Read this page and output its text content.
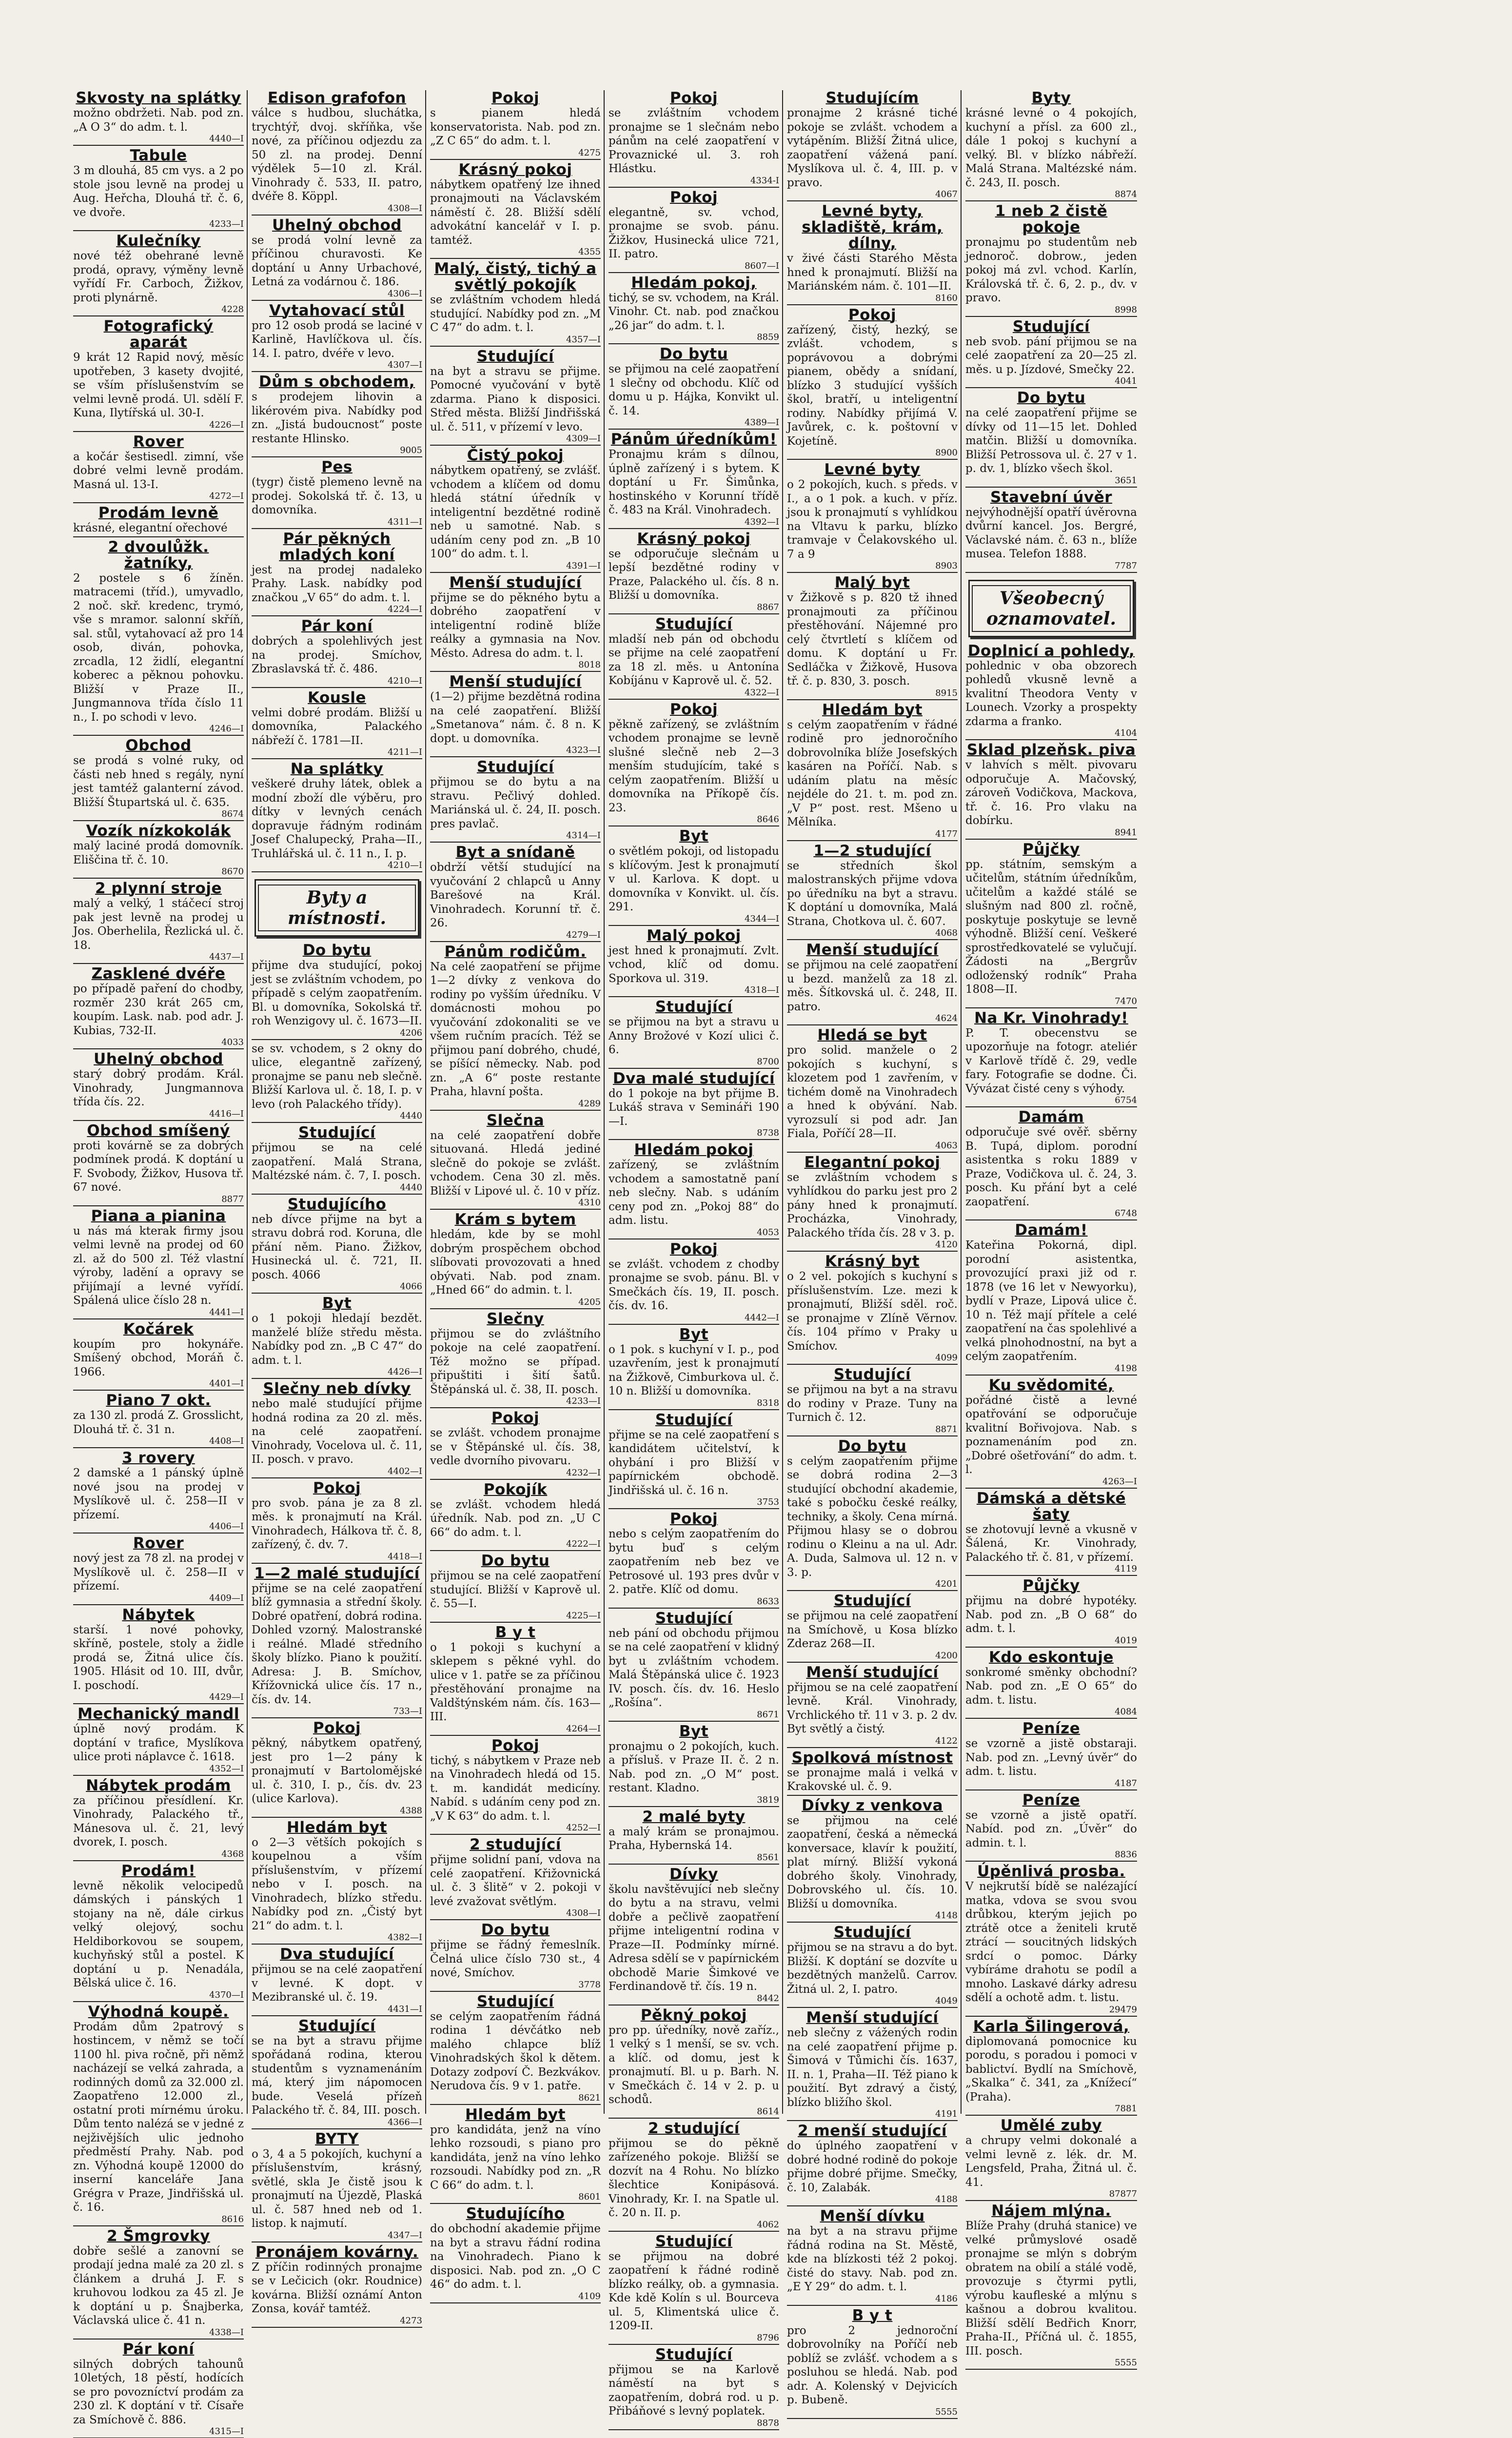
Skvosty na splátky
možno obdržeti. Nab. pod zn. „A O 3“ do adm. t. l.
4440—I
Tabule
3 m dlouhá, 85 cm vys. a 2 po stole jsou levně na prodej u Aug. Heřcha, Dlouhá tř. č. 6, ve dvoře.
4233—I
Kulečníky
nové též obehrané levně prodá, opravy, výměny levně vyřídí Fr. Carboch, Žižkov, proti plynárně.
4228
Fotografický aparát
9 krát 12 Rapid nový, měsíc upotřeben, 3 kasety dvojité, se vším příslušenstvím se velmi levně prodá. Ul. sdělí F. Kuna, Ilytířská ul. 30-I.
4226—I
Rover
a kočár šestisedl. zimní, vše dobré velmi levně prodám. Masná ul. 13-I.
4272—I
Prodám levně
krásné, elegantní ořechové
2 dvoulůžk. žatníky,
2 postele s 6 žíněn. matracemi (tříd.), umyvadlo, 2 noč. skř. kredenc, trymó, vše s mramor. salonní skříň, sal. stůl, vytahovací až pro 14 osob, diván, pohovka, zrcadla, 12 židlí, elegantní koberec a pěknou pohovku. Bližší v Praze II., Jungmannova třída číslo 11 n., I. po schodi v levo.
4246—I
Obchod
se prodá s volné ruky, od části neb hned s regály, nyní jest tamtéž galanterní závod. Bližší Štupartská ul. č. 635.
8674
Vozík nízkokolák
malý laciné prodá domovník. Eliščina tř. č. 10.
8670
2 plynní stroje
malý a velký, 1 stáčecí stroj pak jest levně na prodej u Jos. Oberhelila, Řezlická ul. č. 18.
4437—I
Zasklené dvéře
po případě paření do chodby, rozměr 230 krát 265 cm, koupím. Lask. nab. pod adr. J. Kubias, 732-II.
4033
Uhelný obchod
starý dobrý prodám. Král. Vinohrady, Jungmannova třída čís. 22.
4416—I
Obchod smíšený
proti kovárně se za dobrých podmínek prodá. K doptání u F. Svobody, Žižkov, Husova tř. 67 nové.
8877
Piana a pianina
u nás má kterak firmy jsou velmi levně na prodej od 60 zl. až do 500 zl. Též vlastní výroby, ladění a opravy se přijímají a levné vyřídí. Spálená ulice číslo 28 n.
4441—I
Kočárek
koupím pro hokynáře. Smíšený obchod, Moráň č. 1966.
4401—I
Piano 7 okt.
za 130 zl. prodá Z. Grosslicht, Dlouhá tř. č. 31 n.
4408—I
3 rovery
2 damské a 1 pánský úplně nové jsou na prodej v Myslíkově ul. č. 258—II v přízemí.
4406—I
Rover
nový jest za 78 zl. na prodej v Myslíkově ul. č. 258—II v přízemí.
4409—I
Nábytek
starší. 1 nové pohovky, skříně, postele, stoly a židle prodá se, Žitná ulice čís. 1905. Hlásit od 10. III, dvůr, I. poschodí.
4429—I
Mechanický mandl
úplně nový prodám. K doptání v trafice, Myslíkova ulice proti náplavce č. 1618.
4352—I
Nábytek prodám
za příčinou přesídlení. Kr. Vinohrady, Palackého tř., Mánesova ul. č. 21, levý dvorek, I. posch.
4368
Prodám!
levně několik velocipedů dámských i pánských 1 stojany na ně, dále cirkus velký olejový, sochu Heldiborkovou se soupem, kuchyňský stůl a postel. K doptání u p. Nenadála, Bělská ulice č. 16.
4370—I
Výhodná koupě.
Prodám dům 2patrový s hostincem, v němž se točí 1100 hl. piva ročně, při němž nacházejí se velká zahrada, a rodinných domů za 32.000 zl. Zaopatřeno 12.000 zl., ostatní proti mírnému úroku. Dům tento nalézá se v jedné z nejživějších ulic jednoho předměstí Prahy. Nab. pod zn. Výhodná koupě 12000 do inserní kanceláře Jana Grégra v Praze, Jindřišská ul. č. 16.
8616
2 Šmgrovky
dobře sešlé a zanovní se prodají jedna malé za 20 zl. s článkem a druhá J. F. s kruhovou lodkou za 45 zl. Je k doptání u p. Šnajberka, Václavská ulice č. 41 n.
4338—I
Pár koní
silných dobrých tahounů 10letých, 18 pěstí, hodících se pro povozníctví prodám za 230 zl. K doptání v tř. Císaře za Smíchově č. 886.
4315—I
Edison grafofon
válce s hudbou, sluchátka, trychtýř, dvoj. skříňka, vše nové, za příčinou odjezdu za 50 zl. na prodej. Denní výdělek 5—10 zl. Král. Vinohrady č. 533, II. patro, dvéře 8. Köppl.
4308—I
Uhelný obchod
se prodá volní levně za příčinou churavosti. Ke doptání u Anny Urbachové, Letná za vodárnou č. 186.
4306—I
Vytahovací stůl
pro 12 osob prodá se laciné v Karlině, Havlíčkova ul. čís. 14. I. patro, dvéře v levo.
4307—I
Dům s obchodem,
s prodejem lihovin a likérovém piva. Nabídky pod zn. „Jistá budoucnost“ poste restante Hlinsko.
9005
Pes
(tygr) čistě plemeno levně na prodej. Sokolská tř. č. 13, u domovníka.
4311—I
Pár pěkných mladých koní
jest na prodej nadaleko Prahy. Lask. nabídky pod značkou „V 65“ do adm. t. l.
4224—I
Pár koní
dobrých a spolehlivých jest na prodej. Smíchov, Zbraslavská tř. č. 486.
4210—I
Kousle
velmi dobré prodám. Bližší u domovníka, Palackého nábřeží č. 1781—II.
4211—I
Na splátky
veškeré druhy látek, oblek a modní zboží dle výběru, pro dítky v levných cenách dopravuje řádným rodinám Josef Chalupecký, Praha—II., Truhlářská ul. č. 11 n., I. p.
4210—I
Byty a místnosti.
Do bytu
přijme dva studující, pokoj jest se zvláštním vchodem, po případě s celým zaopatřením. Bl. u domovníka, Sokolská tř. roh Wenzigovy ul. č. 1673—II.
4206
se sv. vchodem, s 2 okny do ulice, elegantně zařízený, pronajme se panu neb slečně. Bližší Karlova ul. č. 18, I. p. v levo (roh Palackého třídy).
4440
Studující
přijmou se na celé zaopatření. Malá Strana, Maltézské nám. č. 7, I. posch.
4440
Studujícího
neb dívce přijme na byt a stravu dobrá rod. Koruna, dle přání něm. Piano. Žižkov, Husinecká ul. č. 721, II. posch. 4066
4066
Byt
o 1 pokoji hledají bezdět. manželé blíže středu města. Nabídky pod zn. „B C 47“ do adm. t. l.
4426—I
Slečny neb dívky
nebo malé studující přijme hodná rodina za 20 zl. měs. na celé zaopatření. Vinohrady, Vocelova ul. č. 11, II. posch. v pravo.
4402—I
Pokoj
pro svob. pána je za 8 zl. měs. k pronajmutí na Král. Vinohradech, Hálkova tř. č. 8, zařízený, č. dv. 7.
4418—I
1—2 malé studující
přijme se na celé zaopatření blíž gymnasia a střední školy. Dobré opatření, dobrá rodina. Dohled vzorný. Malostranské i reálné. Mladé středního školy blízko. Piano k použití. Adresa: J. B. Smíchov, Křížovnická ulice čís. 17 n., čís. dv. 14.
733—I
Pokoj
pěkný, nábytkem opatřený, jest pro 1—2 pány k pronajmutí v Bartolomějské ul. č. 310, I. p., čís. dv. 23 (ulice Karlova).
4388
Hledám byt
o 2—3 větších pokojích s koupelnou a vším příslušenstvím, v přízemí nebo v I. posch. na Vinohradech, blízko středu. Nabídky pod zn. „Čistý byt 21“ do adm. t. l.
4382—I
Dva studující
přijmou se na celé zaopatření v levné. K dopt. v Mezibranské ul. č. 19.
4431—I
Studující
se na byt a stravu přijme spořádaná rodina, kterou studentům s vyznamenáním má, který jim nápomocen bude. Veselá přízeň Palackého tř. č. 84, III. posch.
4366—I
BYTY
o 3, 4 a 5 pokojích, kuchyní a příslušenstvím, krásný, světlé, skla Je čistě jsou k pronajmutí na Újezdě, Plaská ul. č. 587 hned neb od 1. listop. k najmutí.
4347—I
Pronájem kovárny.
Z příčin rodinných pronajme se v Lečicich (okr. Roudnice) kovárna. Bližší oznámí Anton Zonsa, kovář tamtéž.
4273
Pokoj
s pianem hledá konservatoristа. Nab. pod zn. „Z C 65“ do adm. t. l.
4275
Krásný pokoj
nábytkem opatřený lze ihned pronajmouti na Václavském náměstí č. 28. Bližší sdělí advokátní kancelář v I. p. tamtéž.
4355
Malý, čistý, tichý a světlý pokojík
se zvláštním vchodem hledá studující. Nabídky pod zn. „M C 47“ do adm. t. l.
4357—I
Studující
na byt a stravu se přijme. Pomocné vyučování v bytě zdarma. Piano k disposici. Střed města. Bližší Jindřišská ul. č. 511, v přízemí v levo.
4309—I
Čistý pokoj
nábytkem opatřený, se zvlášť. vchodem a klíčem od domu hledá státní úředník v inteligentní bezdětné rodině neb u samotné. Nab. s udáním ceny pod zn. „B 10 100“ do adm. t. l.
4391—I
Menší studující
přijme se do pěkného bytu a dobrého zaopatření v inteligentní rodině blíže reálky a gymnasia na Nov. Město. Adresa do adm. t. l.
8018
Menší studující
(1—2) přijme bezdětná rodina na celé zaopatření. Bližší „Smetanova“ nám. č. 8 n. K dopt. u domovníka.
4323—I
Studující
přijmou se do bytu a na stravu. Pečlivý dohled. Mariánská ul. č. 24, II. posch. pres pavlač.
4314—I
Byt a snídaně
obdrží větší studující na vyučování 2 chlapců u Anny Barešové na Král. Vinohradech. Korunní tř. č. 26.
4279—I
Pánům rodičům.
Na celé zaopatření se přijme 1—2 dívky z venkova do rodiny po vyšším úředníku. V domácnosti mohou po vyučování zdokonaliti se ve všem ručním pracích. Též se přijmou paní dobrého, chudé, se píšící německy. Nab. pod zn. „A 6“ poste restante Praha, hlavní pošta.
4289
Slečna
na celé zaopatření dobře situovaná. Hledá jediné slečně do pokoje se zvlášt. vchodem. Cena 30 zl. měs. Bližší v Lipové ul. č. 10 v příz.
4310
Krám s bytem
hledám, kde by se mohl dobrým prospěchem obchod slíbovati provozovati a hned obývati. Nab. pod znam. „Hned 66“ do admin. t. l.
4205
Slečny
přijmou se do zvláštního pokoje na celé zaopatření. Též možno se případ. připuštiti i šití šatů. Štěpánská ul. č. 38, II. posch.
4233—I
Pokoj
se zvlášt. vchodem pronajme se v Štěpánské ul. čís. 38, vedle dvorního pivovaru.
4232—I
Pokojík
se zvlášt. vchodem hledá úředník. Nab. pod zn. „U C 66“ do adm. t. l.
4222—I
Do bytu
přijmou se na celé zaopatření studující. Bližší v Kaprově ul. č. 55—I.
4225—I
B y t
o 1 pokoji s kuchyní a sklepem s pěkné vyhl. do ulice v 1. patře se za příčinou přestěhování pronajme na Valdštýnském nám. čís. 163—III.
4264—I
Pokoj
tichý, s nábytkem v Praze neb na Vinohradech hledá od 15. t. m. kandidát medicíny. Nabíd. s udáním ceny pod zn. „V K 63“ do adm. t. l.
4252—I
2 studující
přijme solidní paní, vdova na celé zaopatření. Křižovnická ul. č. 3 šlitě“ v 2. pokoji v levé zvažovat světlým.
4308—I
Do bytu
přijme se řádný řemeslník. Čelná ulice číslo 730 st., 4 nové, Smíchov.
3778
Studující
se celým zaopatřením řádná rodina 1 dévčátko neb malého chlapce blíž Vinohradských škol k dětem. Dotazy zodpoví Č. Bezkvákov. Nerudova čís. 9 v 1. patře.
8621
Hledám byt
pro kandidáta, jenž na víno lehko rozsoudi, s piano pro kandidáta, jenž na víno lehko rozsoudi. Nabídky pod zn. „R C 66“ do adm. t. l.
8601
Studujícího
do obchodní akademie přijme na byt a stravu řádní rodina na Vinohradech. Piano k disposici. Nab. pod zn. „O C 46“ do adm. t. l.
4109
Pokoj
se zvláštním vchodem pronajme se 1 slečnám nebo pánům na celé zaopatření v Provaznické ul. 3. roh Hlástku.
4334-I
Pokoj
elegantně, sv. vchod, pronajme se svob. pánu. Žižkov, Husinecká ulice 721, II. patro.
8607—I
Hledám pokoj,
tichý, se sv. vchodem, na Král. Vinohr. Ct. nab. pod značkou „26 jar“ do adm. t. l.
8859
Do bytu
se přijmou na celé zaopatření 1 slečny od obchodu. Klíč od domu u p. Hájka, Konvikt ul. č. 14.
4389—I
Pánům úředníkům!
Pronajmu krám s dílnou, úplně zařízený i s bytem. K doptání u Fr. Šimůnka, hostinského v Korunní třídě č. 483 na Král. Vinohradech.
4392—I
Krásný pokoj
se odporučuje slečnám u lepší bezdětné rodiny v Praze, Palackého ul. čís. 8 n. Bližší u domovníka.
8867
Studující
mladší neb pán od obchodu se přijme na celé zaopatření za 18 zl. měs. u Antonína Kobíjánu v Kaprově ul. č. 52.
4322—I
Pokoj
pěkně zařízený, se zvláštním vchodem pronajme se levně slušné slečně neb 2—3 menším studujícím, také s celým zaopatřením. Bližší u domovníka na Příkopě čís. 23.
8646
Byt
o světlém pokoji, od listopadu s klíčovým. Jest k pronajmutí v ul. Karlova. K dopt. u domovníka v Konvikt. ul. čís. 291.
4344—I
Malý pokoj
jest hned k pronajmutí. Zvlt. vchod, klíč od domu. Sporkova ul. 319.
4318—I
Studující
se přijmou na byt a stravu u Anny Brožové v Kozí ulici č. 6.
8700
Dva malé studující
do 1 pokoje na byt přijme B. Lukáš strava v Semináři 190—I.
8738
Hledám pokoj
zařízený, se zvláštním vchodem a samostatně paní neb slečny. Nab. s udáním ceny pod zn. „Pokoj 88“ do adm. listu.
4053
Pokoj
se zvlášt. vchodem z chodby pronajme se svob. pánu. Bl. v Smečkách čís. 19, II. posch. čís. dv. 16.
4442—I
Byt
o 1 pok. s kuchyní v I. p., pod uzavřením, jest k pronajmutí na Žižkově, Cimburkova ul. č. 10 n. Bližší u domovníka.
8318
Studující
přijme se na celé zaopatření s kandidátem učitelství, k ohybání i pro Bližší v papírnickém obchodě. Jindřišská ul. č. 16 n.
3753
Pokoj
nebo s celým zaopatřením do bytu buď s celým zaopatřením neb bez ve Petrosové ul. 193 pres dvůr v 2. patře. Klíč od domu.
8633
Studující
neb pání od obchodu přijmou se na celé zaopatření v klidný byt u zvláštním vchodem. Malá Štěpánská ulice č. 1923 IV. posch. čís. dv. 16. Heslo „Rošína“.
8671
Byt
pronajmu o 2 pokojích, kuch. a přísluš. v Praze II. č. 2 n. Nab. pod zn. „O M“ post. restant. Kladno.
3819
2 malé byty
a malý krám se pronajmou. Praha, Hybernská 14.
8561
Dívky
školu navštěvující neb slečny do bytu a na stravu, velmi dobře a pečlivě zaopatření přijme inteligentní rodina v Praze—II. Podmínky mírné. Adresa sdělí se v papírnickém obchodě Marie Šimkové ve Ferdinandově tř. čís. 19 n.
8442
Pěkný pokoj
pro pp. úředníky, nově zaříz., 1 velký s 1 menší, se sv. vch. a klíč. od domu, jest k pronajmutí. Bl. u p. Barh. N. v Smečkách č. 14 v 2. p. u schodů.
8614
2 studující
přijmou se do pěkně zařízeného pokoje. Bližší se dozvít na 4 Rohu. No blízko šlechtice Konipásová. Vinohrady, Kr. I. na Spatle ul. č. 20 n. II. p.
4062
Studující
se přijmou na dobré zaopatření k řádné rodině blízko reálky, ob. a gymnasia. Kde kdě Kolín s ul. Bourceva ul. 5, Klimentská ulice č. 1209-II.
8796
Studující
přijmou se na Karlově náměstí na byt s zaopatřením, dobrá rod. u p. Přibáňové s levný poplatek.
8878
Studujícím
pronajme 2 krásné tiché pokoje se zvlášt. vchodem a vytápěním. Bližší Žitná ulice, zaopatření vážená paní. Myslíkova ul. č. 4, III. p. v pravo.
4067
Levné byty, skladiště, krám, dílny,
v živé části Starého Města hned k pronajmutí. Bližší na Mariánském nám. č. 101—II.
8160
Pokoj
zařízený, čistý, hezký, se zvlášt. vchodem, s poprávovou a dobrými pianem, obědy a snídaní, blízko 3 studující vyšších škol, bratří, u inteligentní rodiny. Nabídky přijímá V. Javůrek, c. k. poštovní v Kojetíně.
8900
Levné byty
o 2 pokojích, kuch. s předs. v I., a o 1 pok. a kuch. v příz. jsou k pronajmutí s vyhlídkou na Vltavu k parku, blízko tramvaje v Čelakovského ul. 7 a 9
8903
Malý byt
v Žižkově s p. 820 tž ihned pronajmouti za příčinou přestěhování. Nájemné pro celý čtvrtletí s klíčem od domu. K doptání u Fr. Sedláčka v Žižkově, Husova tř. č. p. 830, 3. posch.
8915
Hledám byt
s celým zaopatřením v řádné rodině pro jednoročního dobrovolníka blíže Josefských kasáren na Poříčí. Nab. s udáním platu na měsíc nejdéle do 21. t. m. pod zn. „V P“ post. rest. Mšeno u Mělníka.
4177
1—2 studující
se středních škol malostranských přijme vdova po úředníku na byt a stravu. K doptání u domovníka, Malá Strana, Chotkova ul. č. 607.
4068
Menší studující
se přijmou na celé zaopatření u bezd. manželů za 18 zl. měs. Šítkovská ul. č. 248, II. patro.
4624
Hledá se byt
pro solid. manžele o 2 pokojích s kuchyní, s klozetem pod 1 zavřením, v tichém domě na Vinohradech a hned k obývání. Nab. vyrozsulí si pod adr. Jan Fiala, Poříčí 28—II.
4063
Elegantní pokoj
se zvláštním vchodem s vyhlídkou do parku jest pro 2 pány hned k pronajmutí. Procházka, Vinohrady, Palackého třída čís. 28 v 3. p.
4120
Krásný byt
o 2 vel. pokojích s kuchyní s příslušenstvím. Lze. mezi k pronajmutí, Bližší sděl. roč. se pronajme v Zlíně Věrnov. čís. 104 přímo v Praky u Smíchov.
4099
Studující
se přijmou na byt a na stravu do rodiny v Praze. Tuny na Turnich č. 12.
8871
Do bytu
s celým zaopatřením přijme se dobrá rodina 2—3 studující obchodní akademie, také s pobočku české reálky, techniky, a školy. Cena mírná. Přijmou hlasy se o dobrou rodinu o Kleinu a na ul. Adr. A. Duda, Salmova ul. 12 n. v 3. p.
4201
Studující
se přijmou na celé zaopatření na Smíchově, u Kosa blízko Zderaz 268—II.
4200
Menší studující
přijmou se na celé zaopatření levně. Král. Vinohrady, Vrchlického tř. 11 v 3. p. 2 dv. Byt světlý a čistý.
4122
Spolková místnost
se pronajme malá i velká v Krakovské ul. č. 9.
Dívky z venkova
se přijmou na celé zaopatření, česká a německá konversace, klavír k použití, plat mírný. Bližší vykoná dobrého školy. Vinohrady, Dobrovského ul. čís. 10. Bližší u domovníka.
4148
Studující
přijmou se na stravu a do byt. Bližší. K doptání se dozvíte u bezdětných manželů. Carrov. Žitná ul. 2, I. patro.
4049
Menší studující
neb slečny z vážených rodin na celé zaopatření přijme p. Šimová v Tůmichi čís. 1637, II. n. 1, Praha—II. Též piano k použití. Byt zdravý a čistý, blízko bližího škol.
4191
2 menší studující
do úplného zaopatření v dobré hodné rodině do pokoje přijme dobré přijme. Smečky, č. 10, Zalabák.
4188
Menší dívku
na byt a na stravu přijme řádná rodina na St. Městě, kde na blízkosti též 2 pokoj. čisté do stavy. Nab. pod zn. „E Y 29“ do adm. t. l.
4186
B y t
pro 2 jednoroční dobrovolníky na Poříčí neb poblíž se zvlášť. vchodem a s posluhou se hledá. Nab. pod adr. A. Kolenský v Dejvicích p. Bubeně.
5555
Byty
krásné levné o 4 pokojích, kuchyní a přísl. za 600 zl., dále 1 pokoj s kuchyní a velký. Bl. v blízko nábřeží. Malá Strana. Maltézské nám. č. 243, II. posch.
8874
1 neb 2 čistě pokoje
pronajmu po studentům neb jednoroč. dobrow., jeden pokoj má zvl. vchod. Karlín, Královská tř. č. 6, 2. p., dv. v pravo.
8998
Studující
neb svob. pání přijmou se na celé zaopatření za 20—25 zl. měs. u p. Jízdové, Smečky 22.
4041
Do bytu
na celé zaopatření přijme se dívky od 11—15 let. Dohled matčin. Bližší u domovníka. Bližší Petrossova ul. č. 27 v 1. p. dv. 1, blízko všech škol.
3651
Stavební úvěr
nejvýhodnější opatří úvěrovna dvůrní kancel. Jos. Bergré, Václavské nám. č. 63 n., blíže musea. Telefon 1888.
7787
Všeobecný oznamovatel.
Doplnicí a pohledy,
pohlednic v oba obzorech pohledů vkusně levně a kvalitní Theodora Venty v Lounech. Vzorky a prospekty zdarma a franko.
4104
Sklad plzeňsk. piva
v lahvích s mělt. pivovaru odporučuje A. Mačovský, zároveň Vodičkova, Mackova, tř. č. 16. Pro vlaku na dobírku.
8941
Půjčky
pp. státním, semským a učitelům, státním úředníkům, učitelům a každé stálé se slušným nad 800 zl. ročně, poskytuje poskytuje se levně výhodně. Bližší cení. Veškeré sprostředkovatelé se vylučují. Žádosti na „Bergrův odloženský rodník“ Praha 1808—II.
7470
Na Kr. Vinohrady!
P. T. obecenstvu se upozorňuje na fotogr. ateliér v Karlově třídě č. 29, vedle fary. Fotografie se dodne. Či. Vývázat čisté ceny s výhody.
6754
Damám
odporučuje své ověř. sběrny B. Tupá, diplom. porodní asistentka s roku 1889 v Praze, Vodičkova ul. č. 24, 3. posch. Ku přání byt a celé zaopatření.
6748
Damám!
Kateřina Pokorná, dipl. porodní asistentka, provozující praxi již od r. 1878 (ve 16 let v Newyorku), bydlí v Praze, Lipová ulice č. 10 n. Též mají přítele a celé zaopatření na čas spolehlivé a velká plnohodnostní, na byt a celým zaopatřením.
4198
Ku svědomité,
pořádné čistě a levné opatřování se odporučuje kvalitní Bořivojova. Nab. s poznamenáním pod zn. „Dobré ošetřování“ do adm. t. l.
4263—I
Dámská a dětské šaty
se zhotovují levně a vkusně v Šálená, Kr. Vinohrady, Palackého tř. č. 81, v přízemí.
4119
Půjčky
přijmu na dobré hypotéky. Nab. pod zn. „B O 68“ do adm. t. l.
4019
Kdo eskontuje
sonkromé směnky obchodní? Nab. pod zn. „E O 65“ do adm. t. listu.
4084
Peníze
se vzorně a jistě obstaraji. Nab. pod zn. „Levný úvěr“ do adm. t. listu.
4187
Peníze
se vzorně a jistě opatří. Nabíd. pod zn. „Úvěr“ do admin. t. l.
8836
Úpěnlivá prosba.
V nejkrutší bídě se nalézající matka, vdova se svou svou drůbkou, kterým jejich po ztrátě otce a ženiteli krutě ztrácí — soucitných lidských srdcí o pomoc. Dárky vybíráme drahotu se podíl a mnoho. Laskavé dárky adresu sdělí a ochotě adm. t. listu.
29479
Karla Šilingerová,
diplomovaná pomocnice ku porodu, s poradou i pomoci v bablictví. Bydlí na Smíchově, „Skalka“ č. 341, za „Knížecí“ (Praha).
7881
Umělé zuby
a chrupy velmi dokonalé a velmi levně z. lék. dr. M. Lengsfeld, Praha, Žitná ul. č. 41.
87877
Nájem mlýna.
Blíže Prahy (druhá stanice) ve velké průmyslové osadě pronajme se mlýn s dobrým obratem na obilí a stálé vodě, provozuje s čtyrmi pytli, výrobu kaufleské a mlýnu s kašnou a dobrou kvalitou. Bližší sdělí Bedřich Knorr, Praha-II., Příčná ul. č. 1855, III. posch.
5555
